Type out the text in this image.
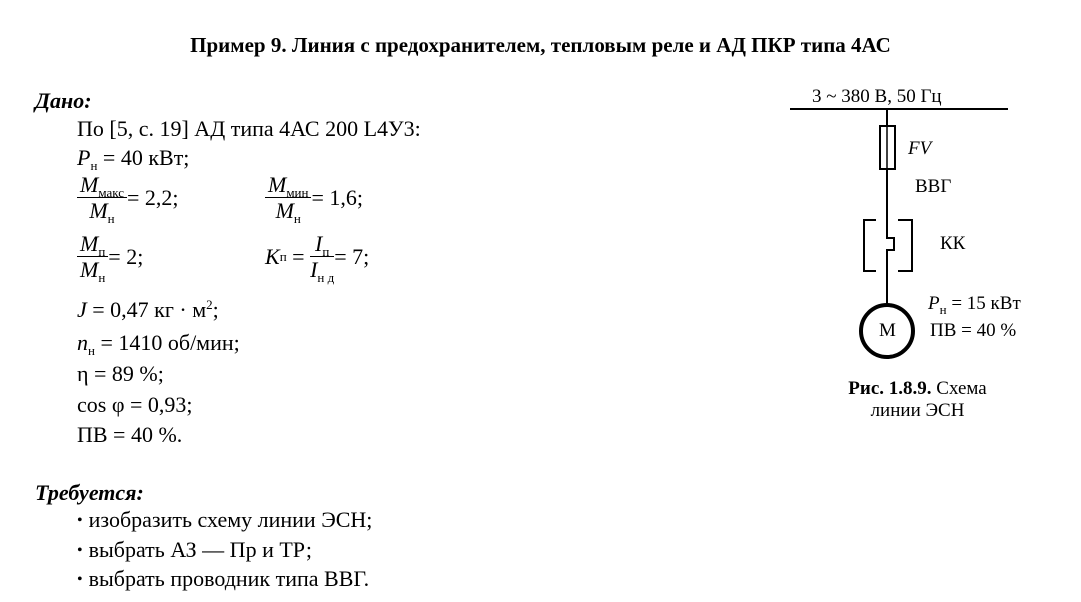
Пример 9. Линия с предохранителем, тепловым реле и АД ПКР типа 4АС
Дано:
По [5, с. 19] АД типа 4АС 200 L4У3:
$P_н = 40$ кВт;
$\frac{M_{макс}}{M_н} = 2,2$;	$\frac{M_{мин}}{M_н} = 1,6$;
$\frac{M_п}{M_н} = 2$;	K $п = \frac{I_п}{I_{н д}} = 7$;
J = 0,47 кг · $м^2$;
$n_н = 1410$ об/мин;
η = 89 %;
cos φ = 0,93;
ПВ = 40 %.
Требуется:
• изобразить схему линии ЭСН;
• выбрать АЗ — Пр и ТР;
• выбрать проводник типа ВВГ.
3 ~ 380 В, 50 Гц
FV
ВВГ
КК
M
$P_н = 15$ кВт
ПВ = 40 %
Рис. 1.8.9. Схема
линии ЭСН
